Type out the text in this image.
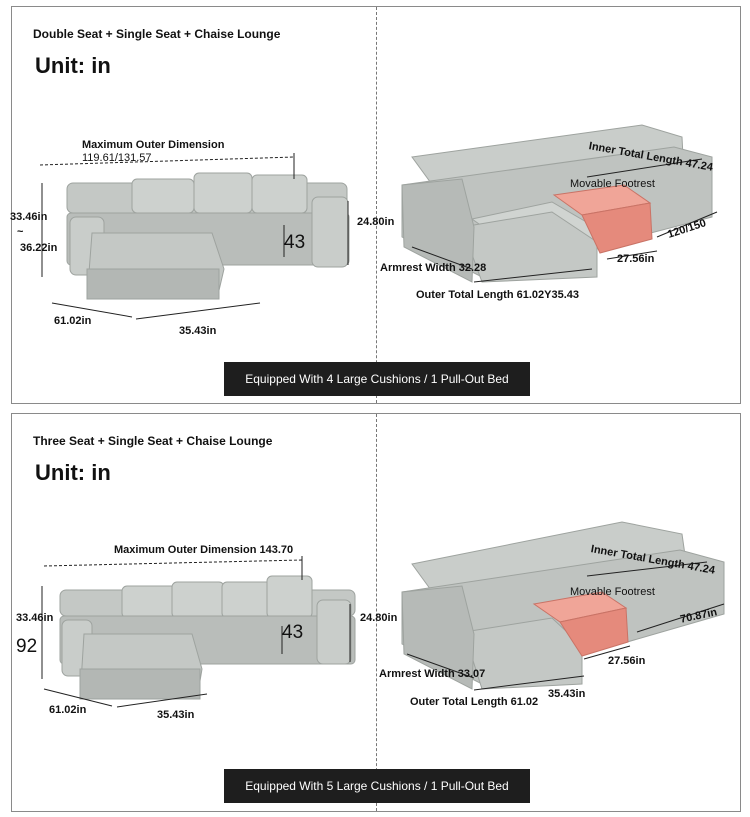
Double Seat + Single Seat + Chaise Lounge
Unit: in
Maximum Outer Dimension
119.61/131.57
33.46in
~
36.22in
24.80in
43
61.02in
35.43in
Inner Total Length 47.24
Movable Footrest
120/150
Armrest Width 32.28
27.56in
Outer Total Length 61.02Y35.43
Equipped With 4 Large Cushions / 1 Pull-Out Bed
Three Seat + Single Seat + Chaise Lounge
Unit: in
Maximum Outer Dimension 143.70
33.46in
92
24.80in
43
61.02in	35.43in
Inner Total Length 47.24
Movable Footrest
70.87in
Armrest Width 33.07
27.56in
35.43in
Outer Total Length 61.02
Equipped With 5 Large Cushions / 1 Pull-Out Bed
